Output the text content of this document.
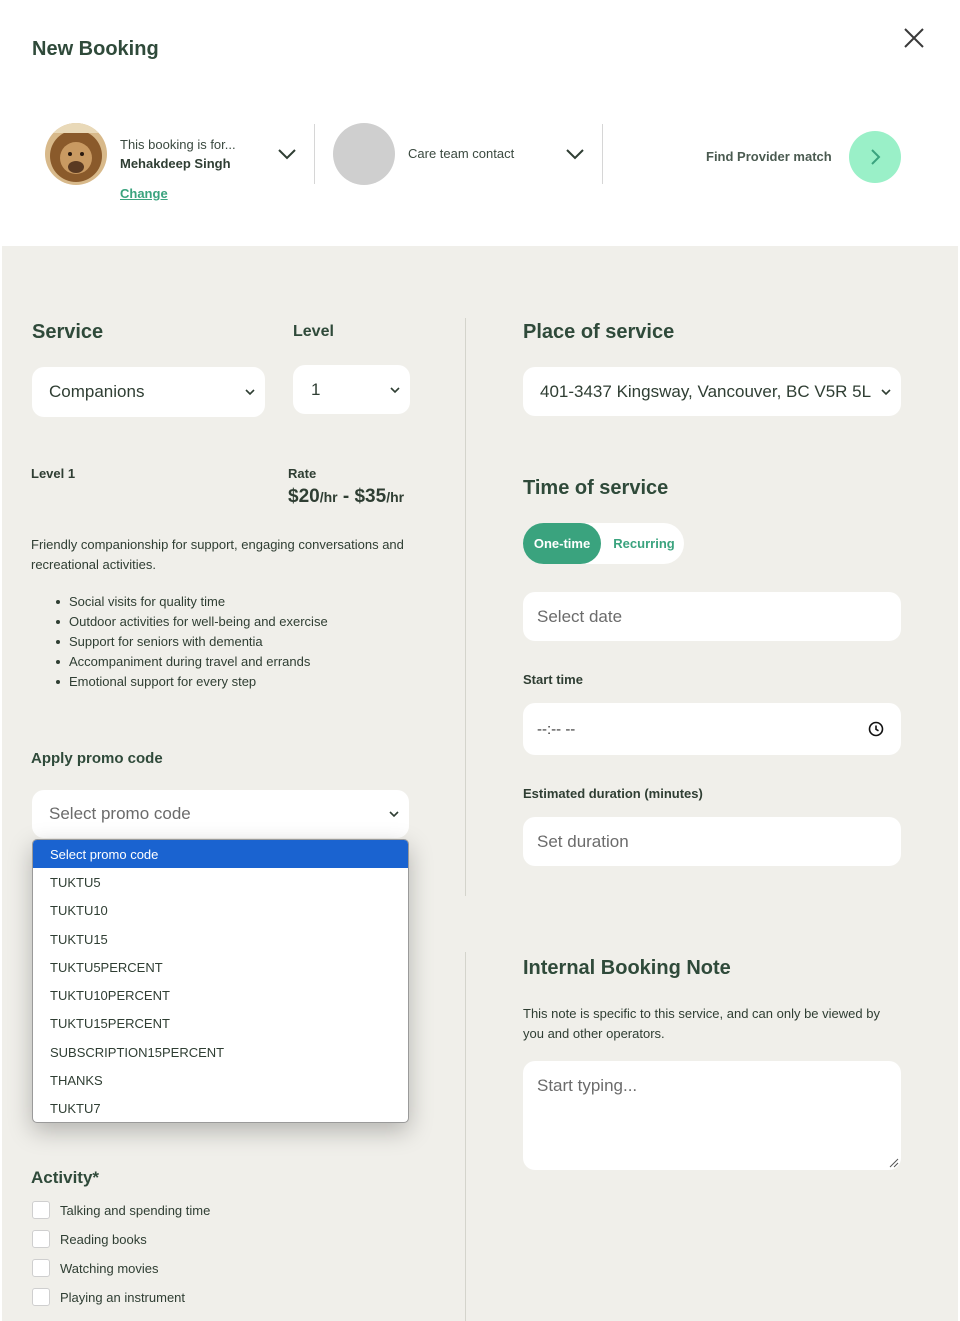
New Booking
This booking is for...
Mehakdeep Singh
Change
Care team contact	Find Provider match
Service	Level
Companions	1
Level 1	Rate
$20/hr - $35/hr
Friendly companionship for support, engaging conversations and recreational activities.
Social visits for quality time
Outdoor activities for well-being and exercise
Support for seniors with dementia
Accompaniment during travel and errands
Emotional support for every step
Apply promo code
Select promo code
Activity*
Talking and spending time
Reading books
Watching movies
Playing an instrument
Place of service
401-3437 Kingsway, Vancouver, BC V5R 5L
Time of service
One-time	Recurring
Select date
Start time
--:-- --
Estimated duration (minutes)
Set duration
Internal Booking Note
This note is specific to this service, and can only be viewed by you and other operators.
Start typing...
Select promo code
TUKTU5
TUKTU10
TUKTU15
TUKTU5PERCENT
TUKTU10PERCENT
TUKTU15PERCENT
SUBSCRIPTION15PERCENT
THANKS
TUKTU7
